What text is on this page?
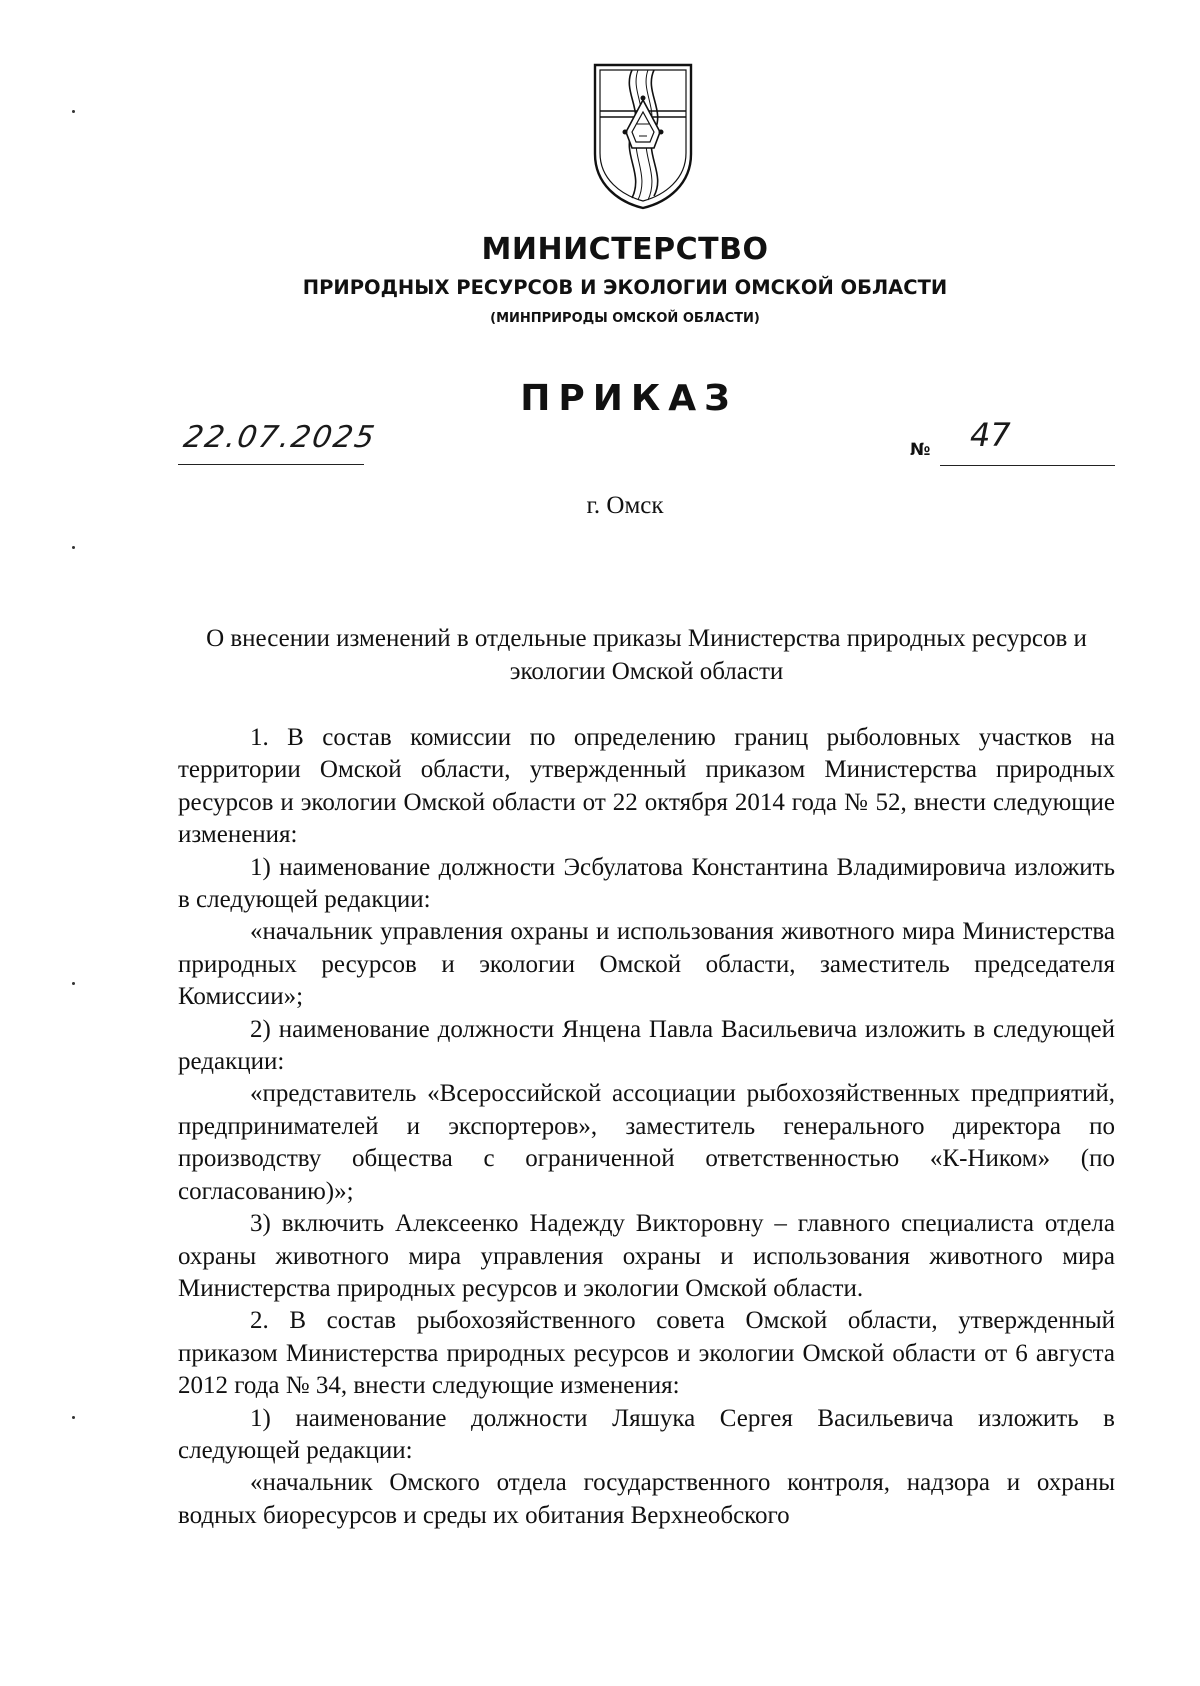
МИНИСТЕРСТВО
ПРИРОДНЫХ РЕСУРСОВ И ЭКОЛОГИИ ОМСКОЙ ОБЛАСТИ
(МИНПРИРОДЫ ОМСКОЙ ОБЛАСТИ)
ПРИКАЗ
22.07.2025	№ 47
г. Омск

О внесении изменений в отдельные приказы Министерства природных ресурсов и экологии Омской области

1. В состав комиссии по определению границ рыболовных участков на территории Омской области, утвержденный приказом Министерства природных ресурсов и экологии Омской области от 22 октября 2014 года № 52, внести следующие изменения:

1) наименование должности Эсбулатова Константина Владимировича изложить в следующей редакции:

«начальник управления охраны и использования животного мира Министерства природных ресурсов и экологии Омской области, заместитель председателя Комиссии»;

2) наименование должности Янцена Павла Васильевича изложить в следующей редакции:

«представитель «Всероссийской ассоциации рыбохозяйственных предприятий, предпринимателей и экспортеров», заместитель генерального директора по производству общества с ограниченной ответственностью «К-Ником» (по согласованию)»;

3) включить Алексеенко Надежду Викторовну – главного специалиста отдела охраны животного мира управления охраны и использования животного мира Министерства природных ресурсов и экологии Омской области.

2. В состав рыбохозяйственного совета Омской области, утвержденный приказом Министерства природных ресурсов и экологии Омской области от 6 августа 2012 года № 34, внести следующие изменения:

1) наименование должности Ляшука Сергея Васильевича изложить в следующей редакции:

«начальник Омского отдела государственного контроля, надзора и охраны водных биоресурсов и среды их обитания Верхнеобского
